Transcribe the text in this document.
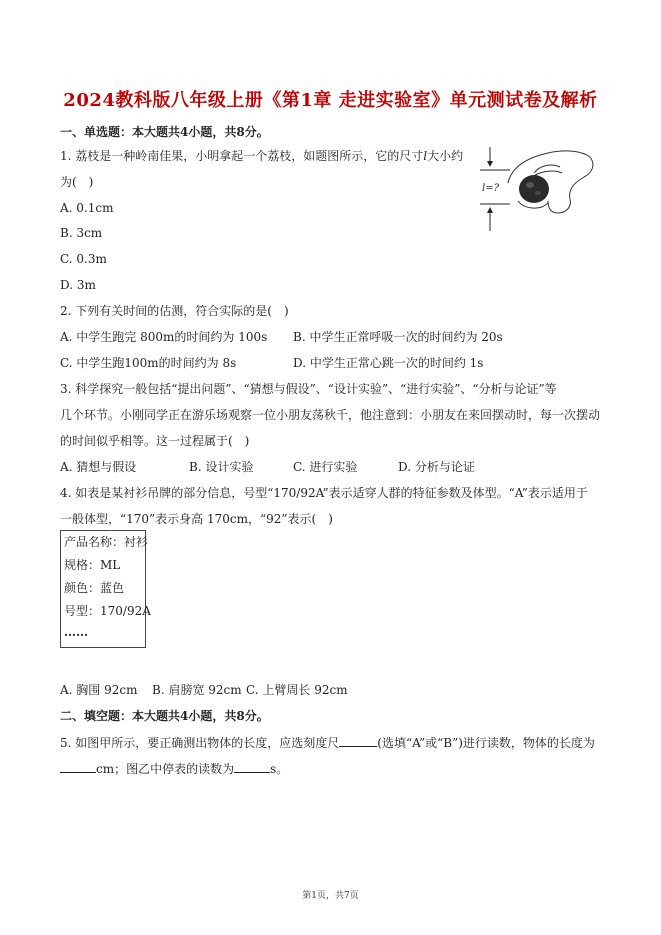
2024教科版八年级上册《第1章 走进实验室》单元测试卷及解析
一、单选题：本大题共4小题，共8分。
1. 荔枝是一种岭南佳果，小明拿起一个荔枝，如题图所示，它的尺寸l大小约
为(　)
A. 0.1cm
B. 3cm
C. 0.3m
D. 3m
l=?
2. 下列有关时间的估测，符合实际的是(　)
A. 中学生跑完 800m的时间约为 100s B. 中学生正常呼吸一次的时间约为 20s
C. 中学生跑100m的时间约为 8s	D. 中学生正常心跳一次的时间约 1s
3. 科学探究一般包括“提出问题”、“猜想与假设”、“设计实验”、“进行实验”、“分析与论证”等
几个环节。小刚同学正在游乐场观察一位小朋友荡秋千，他注意到：小朋友在来回摆动时，每一次摆动
的时间似乎相等。这一过程属于(　)
A. 猜想与假设	B. 设计实验	C. 进行实验	D. 分析与论证
4. 如表是某衬衫吊牌的部分信息，号型“170/92A”表示适穿人群的特征参数及体型。“A”表示适用于
一般体型，“170”表示身高 170cm，“92”表示(　)
产品名称：衬衫
规格：ML
颜色：蓝色
号型：170/92A
……
A. 胸围 92cm B. 肩膀宽 92cm C. 上臂周长 92cm
二、填空题：本大题共4小题，共8分。
5. 如图甲所示，要正确测出物体的长度，应选刻度尺	(选填“A”或“B”)进行读数，物体的长度为
cm；图乙中停表的读数为	s。
第1页，共7页
